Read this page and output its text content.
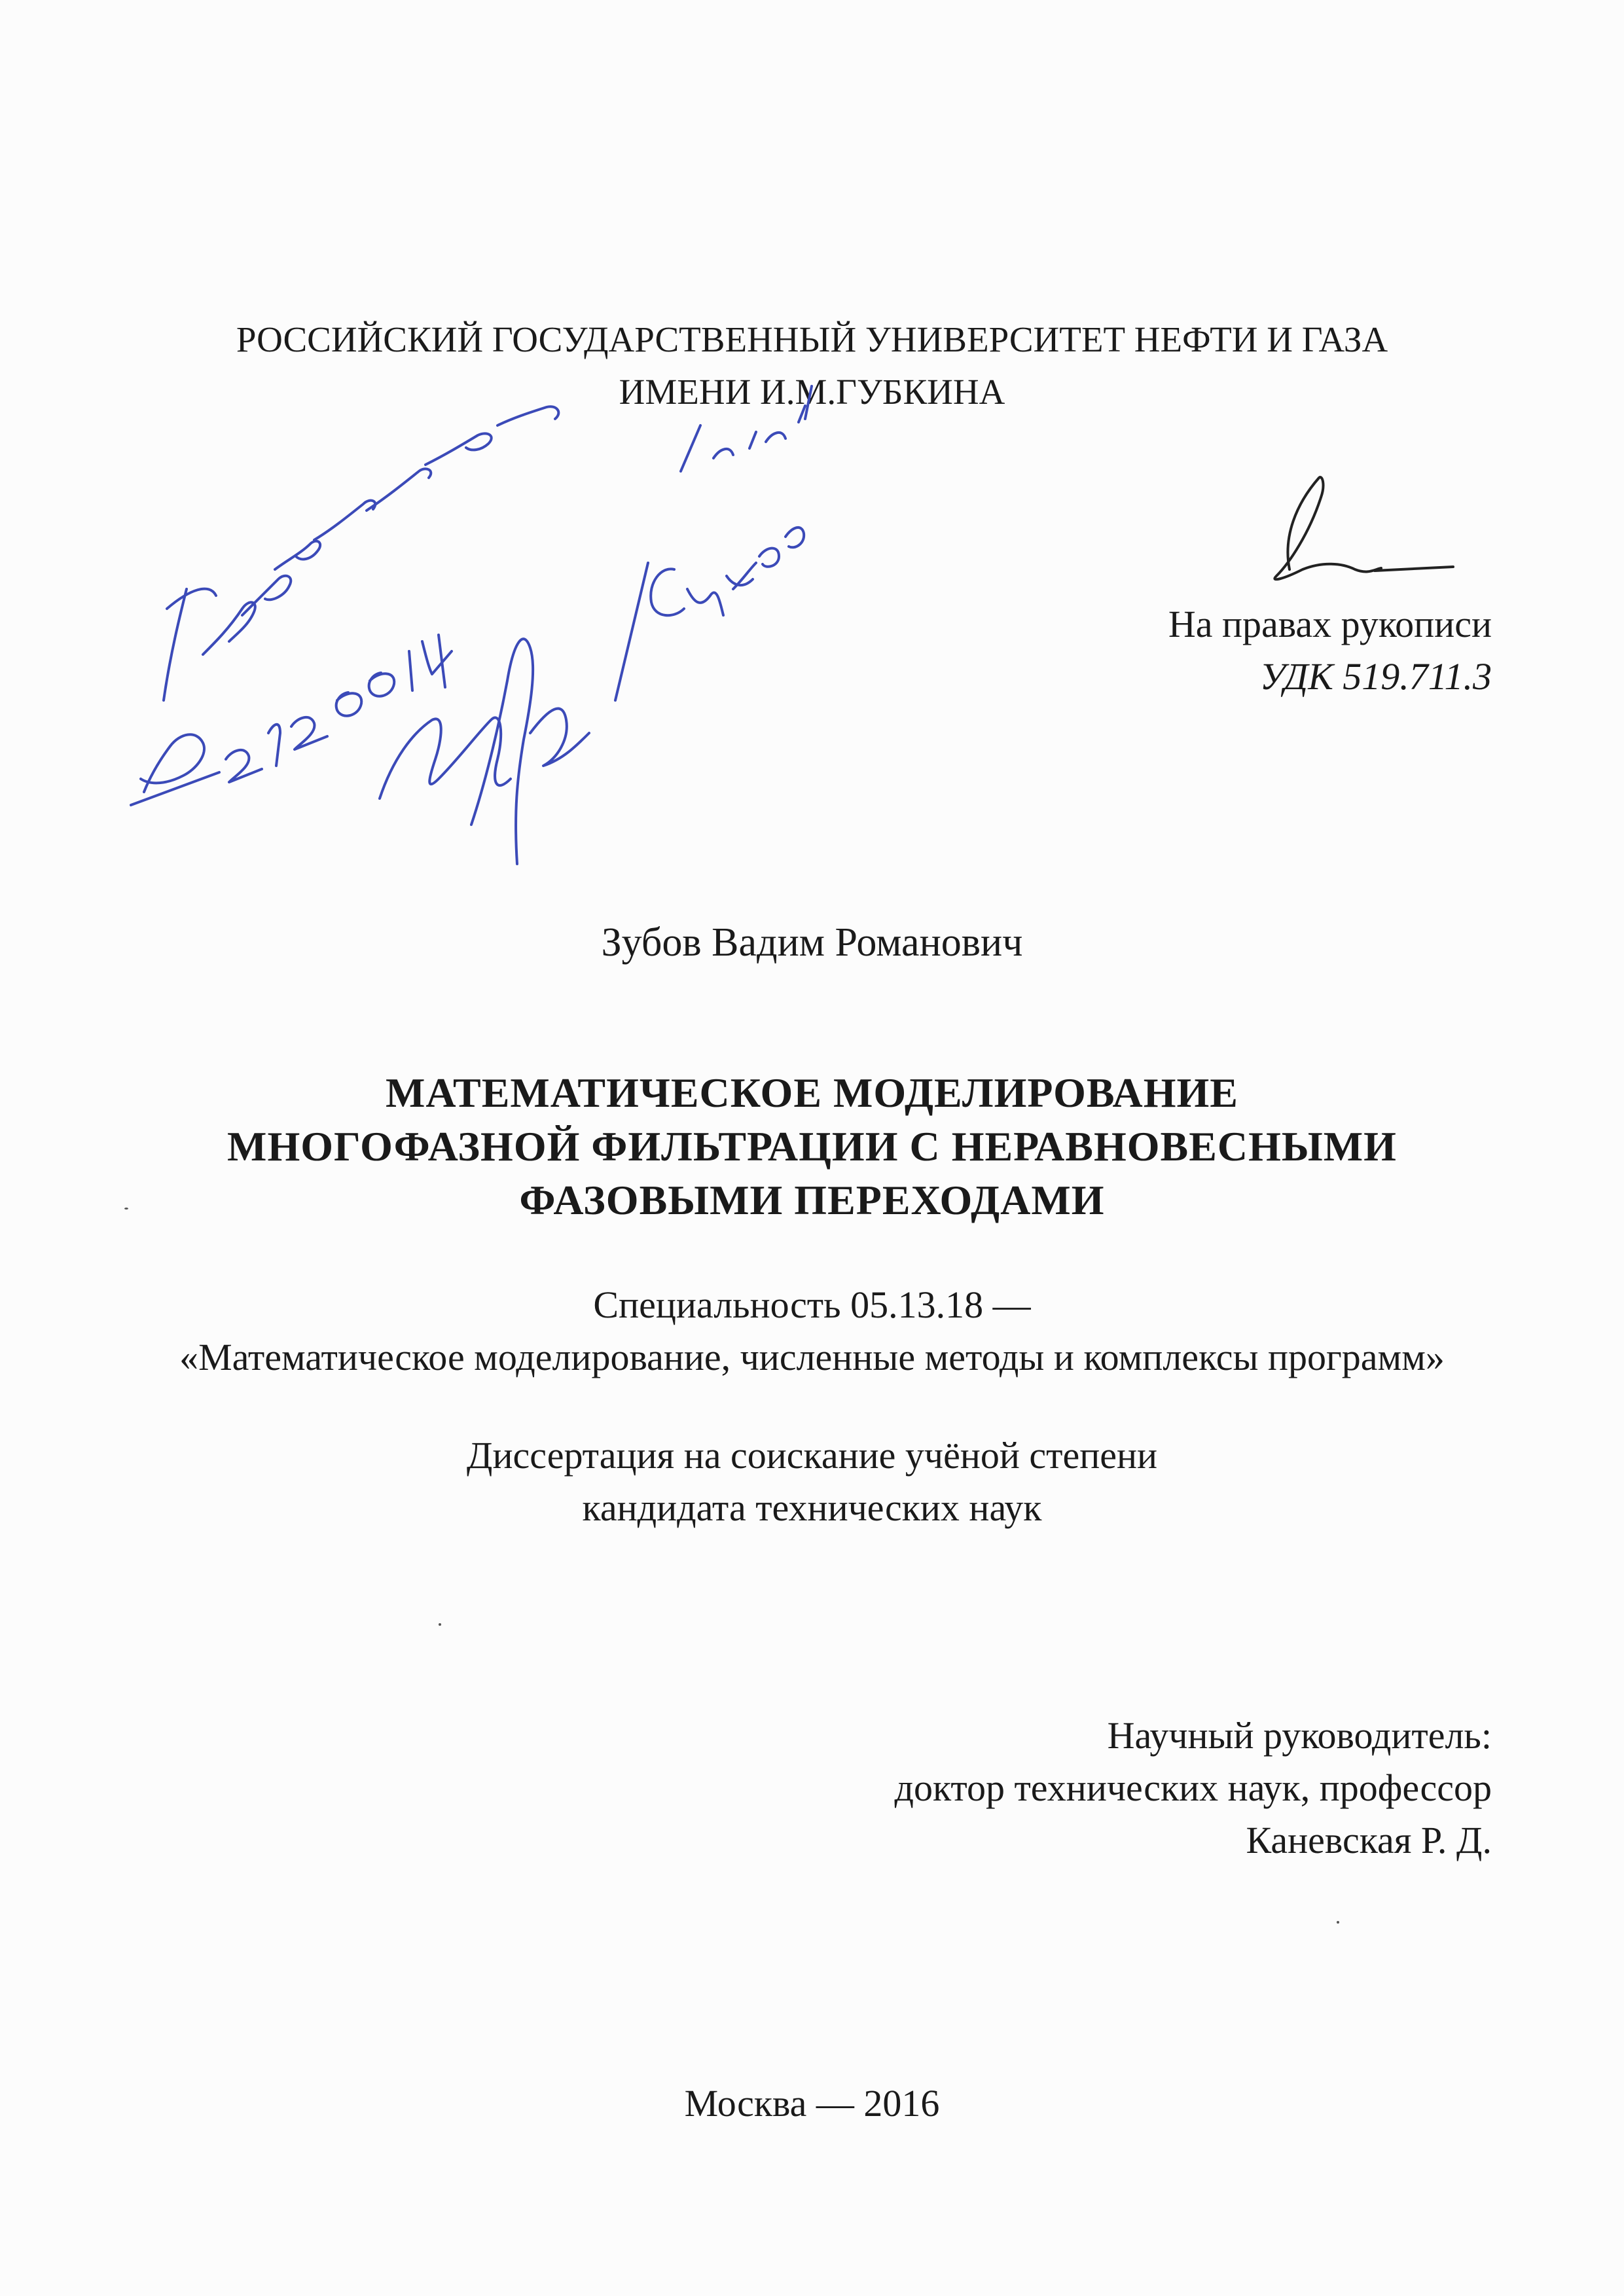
РОССИЙСКИЙ ГОСУДАРСТВЕННЫЙ УНИВЕРСИТЕТ НЕФТИ И ГАЗА
ИМЕНИ И.М.ГУБКИНА
На правах рукописи
УДК 519.711.3
Зубов Вадим Романович
МАТЕМАТИЧЕСКОЕ МОДЕЛИРОВАНИЕ
МНОГОФАЗНОЙ ФИЛЬТРАЦИИ С НЕРАВНОВЕСНЫМИ
ФАЗОВЫМИ ПЕРЕХОДАМИ
Специальность 05.13.18 —
«Математическое моделирование, численные методы и комплексы программ»
Диссертация на соискание учёной степени
кандидата технических наук
Научный руководитель:
доктор технических наук, профессор
Каневская Р. Д.
Москва — 2016
